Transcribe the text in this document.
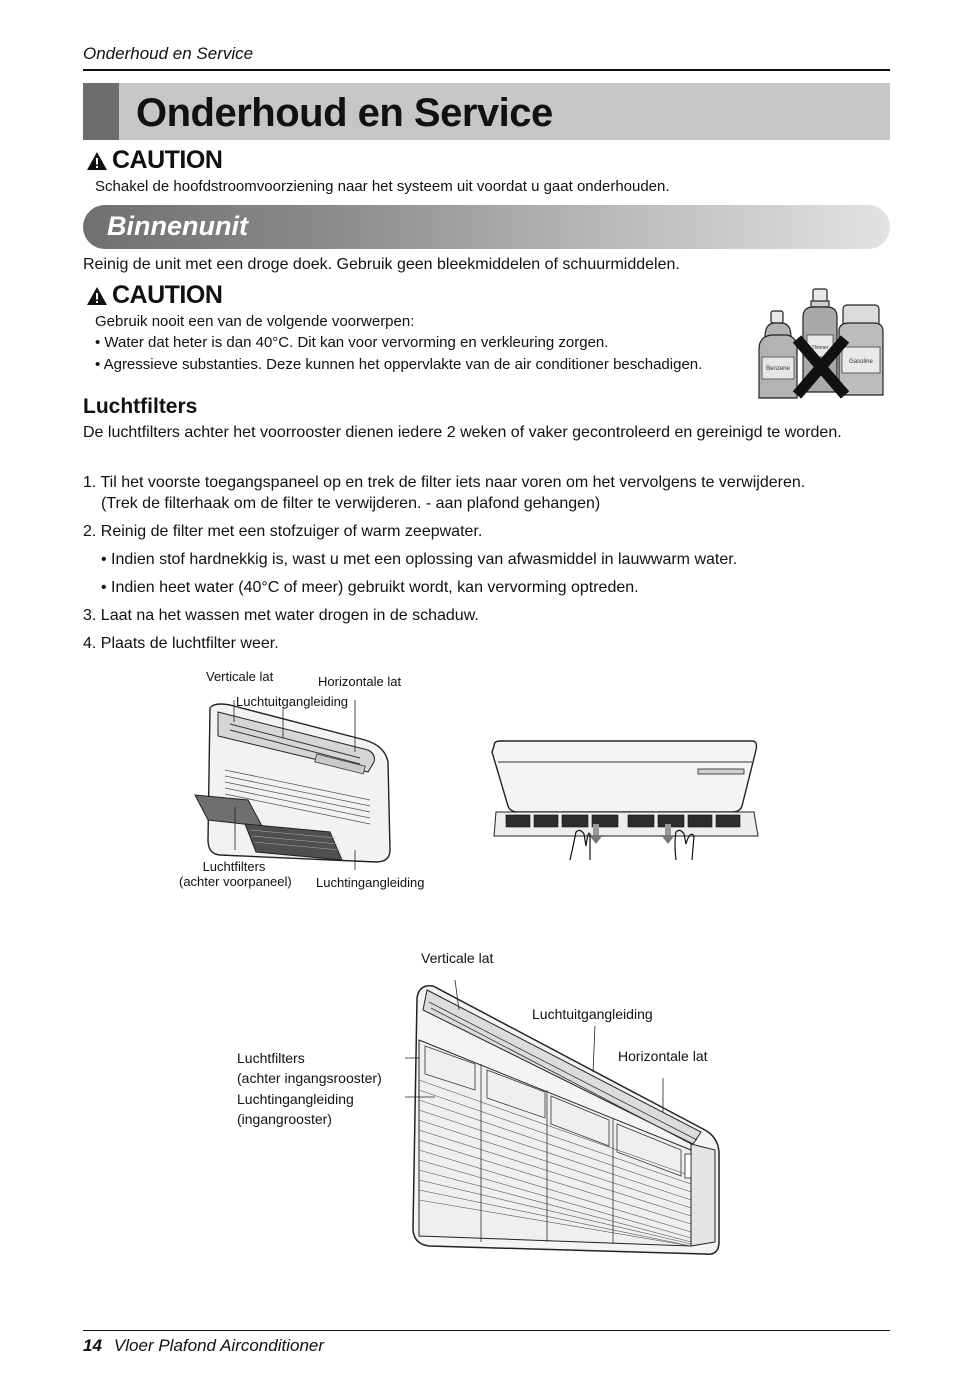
Onderhoud en Service
Onderhoud en Service
CAUTION
Schakel de hoofdstroomvoorziening naar het systeem uit voordat u gaat onderhouden.
Binnenunit
Reinig de unit met een droge doek. Gebruik geen bleekmiddelen of schuurmiddelen.
CAUTION
Gebruik nooit een van de volgende voorwerpen:
• Water dat heter is dan 40°C. Dit kan voor vervorming en verkleuring zorgen.
• Agressieve substanties. Deze kunnen het oppervlakte van de air conditioner beschadigen.
Thinner
Benzene
Gasoline
Luchtfilters
De luchtfilters achter het voorrooster dienen iedere 2 weken of vaker gecontroleerd en gereinigd te worden.
1. Til het voorste toegangspaneel op en trek de filter iets naar voren om het vervolgens te verwijderen.
(Trek de filterhaak om de filter te verwijderen. - aan plafond gehangen)
2. Reinig de filter met een stofzuiger of warm zeepwater.
• Indien stof hardnekkig is, wast u met een oplossing van afwasmiddel in lauwwarm water.
• Indien heet water (40°C of meer) gebruikt wordt, kan vervorming optreden.
3. Laat na het wassen met water drogen in de schaduw.
4. Plaats de luchtfilter weer.
Verticale lat	Horizontale lat
Luchtuitgangleiding
Luchtfilters
(achter voorpaneel) Luchtingangleiding
Verticale lat
Luchtuitgangleiding
Horizontale lat
Luchtfilters
(achter ingangsrooster)
Luchtingangleiding
(ingangrooster)
14 Vloer Plafond Airconditioner
